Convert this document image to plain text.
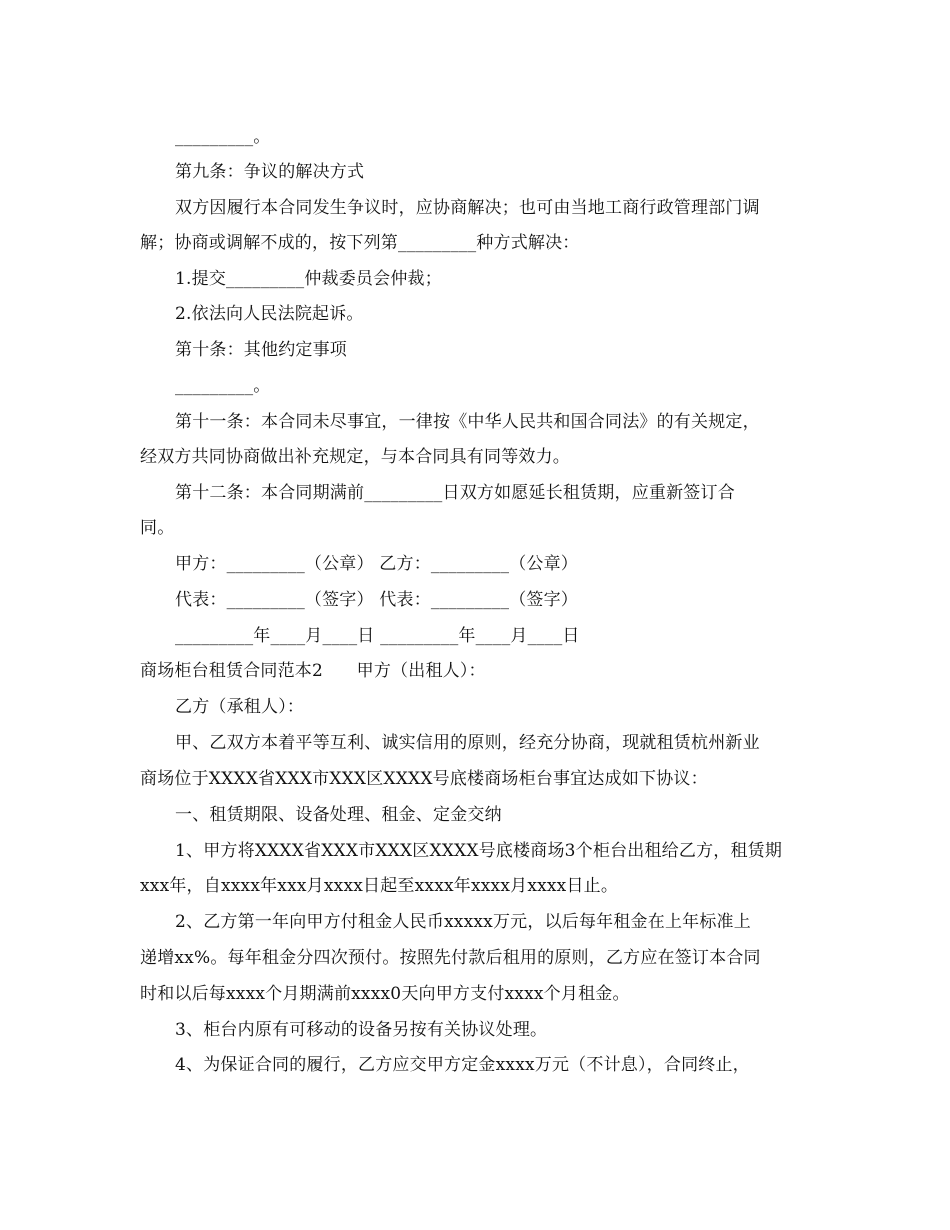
_________。
第九条：争议的解决方式
双方因履行本合同发生争议时，应协商解决；也可由当地工商行政管理部门调
解；协商或调解不成的，按下列第_________种方式解决：
1.提交_________仲裁委员会仲裁；
2.依法向人民法院起诉。
第十条：其他约定事项
_________。
第十一条：本合同未尽事宜，一律按《中华人民共和国合同法》的有关规定，
经双方共同协商做出补充规定，与本合同具有同等效力。
第十二条：本合同期满前_________日双方如愿延长租赁期，应重新签订合
同。
甲方：_________（公章） 乙方：_________（公章）
代表：_________（签字） 代表：_________（签字）
_________年____月____日 _________年____月____日
商场柜台租赁合同范本2      甲方（出租人）：
乙方（承租人）：
甲、乙双方本着平等互利、诚实信用的原则，经充分协商，现就租赁杭州新业
商场位于XXXX省XXX市XXX区XXXX号底楼商场柜台事宜达成如下协议：
一、租赁期限、设备处理、租金、定金交纳
1、甲方将XXXX省XXX市XXX区XXXX号底楼商场3个柜台出租给乙方，租赁期
xxx年，自xxxx年xxx月xxxx日起至xxxx年xxxx月xxxx日止。
2、乙方第一年向甲方付租金人民币xxxxx万元，以后每年租金在上年标准上
递增xx%。每年租金分四次预付。按照先付款后租用的原则，乙方应在签订本合同
时和以后每xxxx个月期满前xxxx0天向甲方支付xxxx个月租金。
3、柜台内原有可移动的设备另按有关协议处理。
4、为保证合同的履行，乙方应交甲方定金xxxx万元（不计息），合同终止，
